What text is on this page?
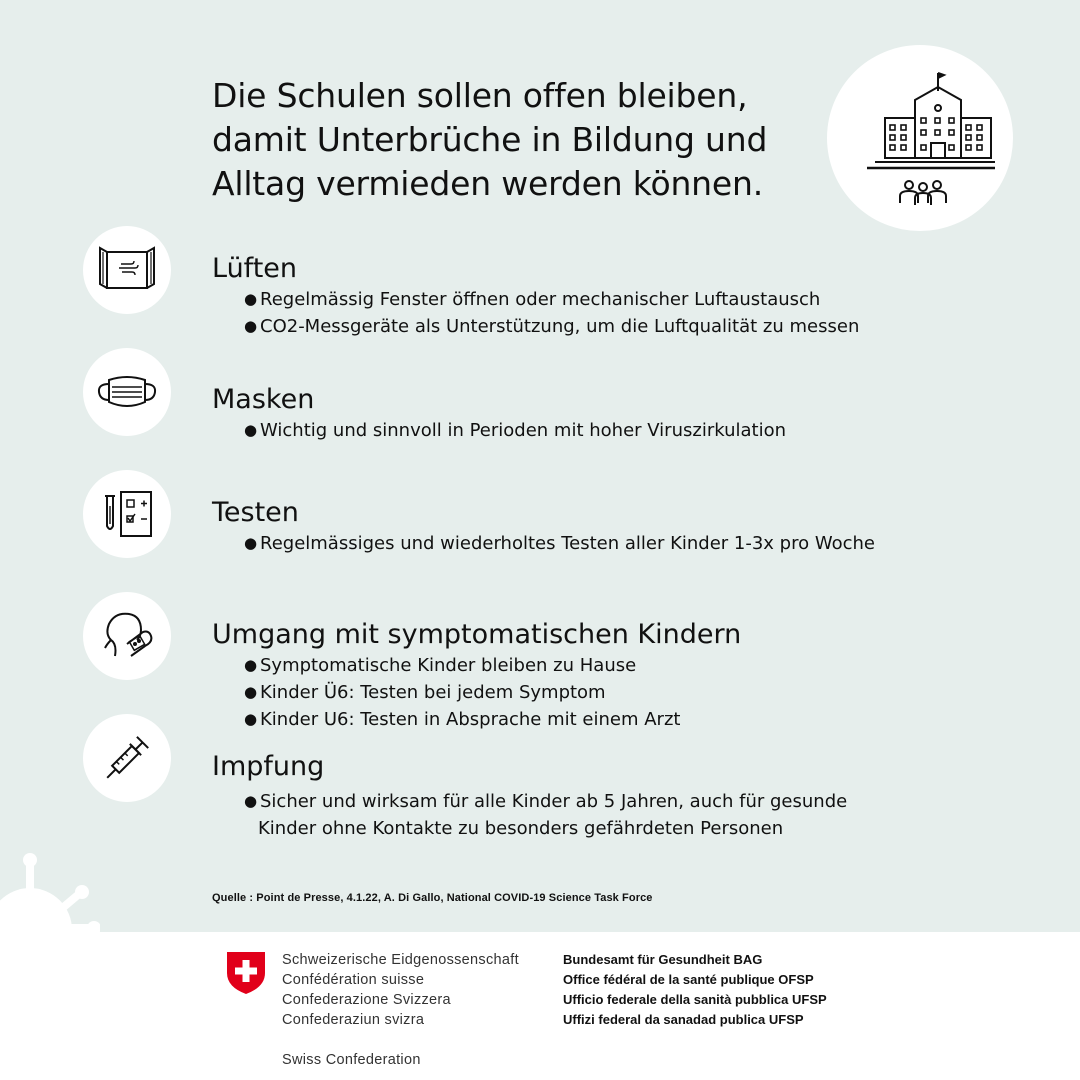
Die Schulen sollen offen bleiben,
damit Unterbrüche in Bildung und
Alltag vermieden werden können.
Lüften
● Regelmässig Fenster öffnen oder mechanischer Luftaustausch
● CO2-Messgeräte als Unterstützung, um die Luftqualität zu messen
Masken
● Wichtig und sinnvoll in Perioden mit hoher Viruszirkulation
Testen
● Regelmässiges und wiederholtes Testen aller Kinder 1-3x pro Woche
Umgang mit symptomatischen Kindern
● Symptomatische Kinder bleiben zu Hause
● Kinder Ü6: Testen bei jedem Symptom
● Kinder U6: Testen in Absprache mit einem Arzt
Impfung
● Sicher und wirksam für alle Kinder ab 5 Jahren, auch für gesunde
Kinder ohne Kontakte zu besonders gefährdeten Personen
Quelle : Point de Presse, 4.1.22, A. Di Gallo, National COVID-19 Science Task Force
Schweizerische Eidgenossenschaft
Confédération suisse
Confederazione Svizzera
Confederaziun svizra
Swiss Confederation
Bundesamt für Gesundheit BAG
Office fédéral de la santé publique OFSP
Ufficio federale della sanità pubblica UFSP
Uffizi federal da sanadad publica UFSP
